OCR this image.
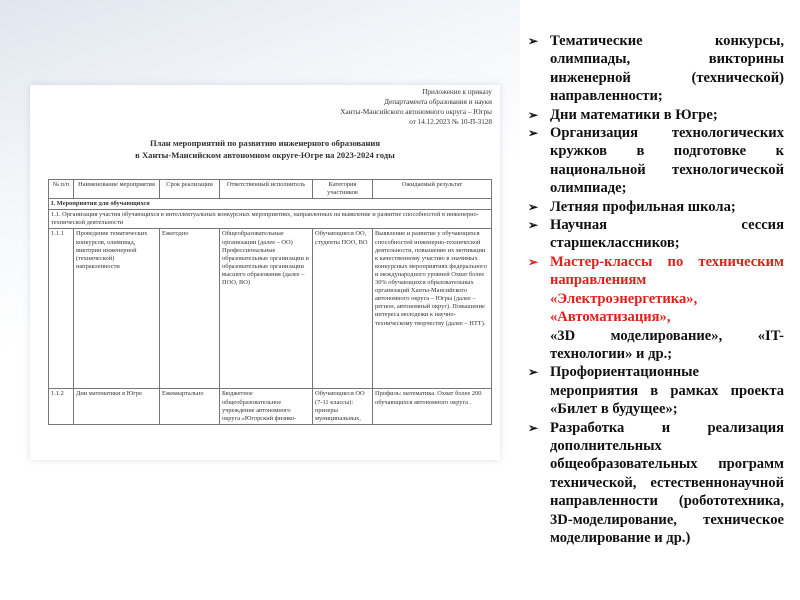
Приложение к приказу
Департамента образования и науки
Ханты-Мансийского автономного округа – Югры
от 14.12.2023 № 10-П-3128
План мероприятий по развитию инженерного образования
в Ханты-Мансийском автономном округе-Югре на 2023-2024 годы
№ п/п	Наименование мероприятия	Срок реализации	Ответственный исполнитель	Категория участников	Ожидаемый результат
I. Мероприятия для обучающихся					
1.1. Организация участия обучающихся в интеллектуальных конкурсных мероприятиях, направленных на выявление и развитие способностей в инженерно-технической деятельности					
1.1.1	Проведение тематических конкурсов, олимпиад, викторин инженерной (технической) направленности	Ежегодно	Общеобразовательные организации (далее – ОО) Профессиональные образовательные организации и образовательные организации высшего образования (далее – ПОО, ВО)	Обучающиеся ОО, студенты ПОО, ВО	Выявление и развитие у обучающихся способностей инженерно-технической деятельности, повышение их мотивации к качественному участию в значимых конкурсных мероприятиях федерального и международного уровней Охват более 30% обучающихся образовательных организаций Ханты-Мансийского автономного округа – Югры (далее – регион, автономный округ). Повышение интереса молодежи к научно-техническому творчеству (далее – НТТ).
1.1.2	Дни математики в Югре	Ежеквартально	Бюджетное общеобразовательное учреждение автономного округа «Югорский физико-	Обучающиеся ОО (7-11 классы): призеры муниципальных,	Профиль: математика. Охват более 200 обучающихся автономного округа .
➢ Тематические конкурсы, олимпиады, викторины инженерной (технической) направленности;
➢ Дни математики в Югре;
➢ Организация технологических кружков в подготовке к национальной технологической олимпиаде;
➢ Летняя профильная школа;
➢ Научная сессия старшеклассников;
➢ Мастер-классы по техническим направлениям «Электроэнергетика», «Автоматизация»,
«3D моделирование», «IT-технологии» и др.;
➢ Профориентационные мероприятия в рамках проекта «Билет в будущее»;
➢ Разработка и реализация дополнительных общеобразовательных программ технической, естественнонаучной направленности (робототехника, 3D-моделирование, техническое моделирование и др.)
